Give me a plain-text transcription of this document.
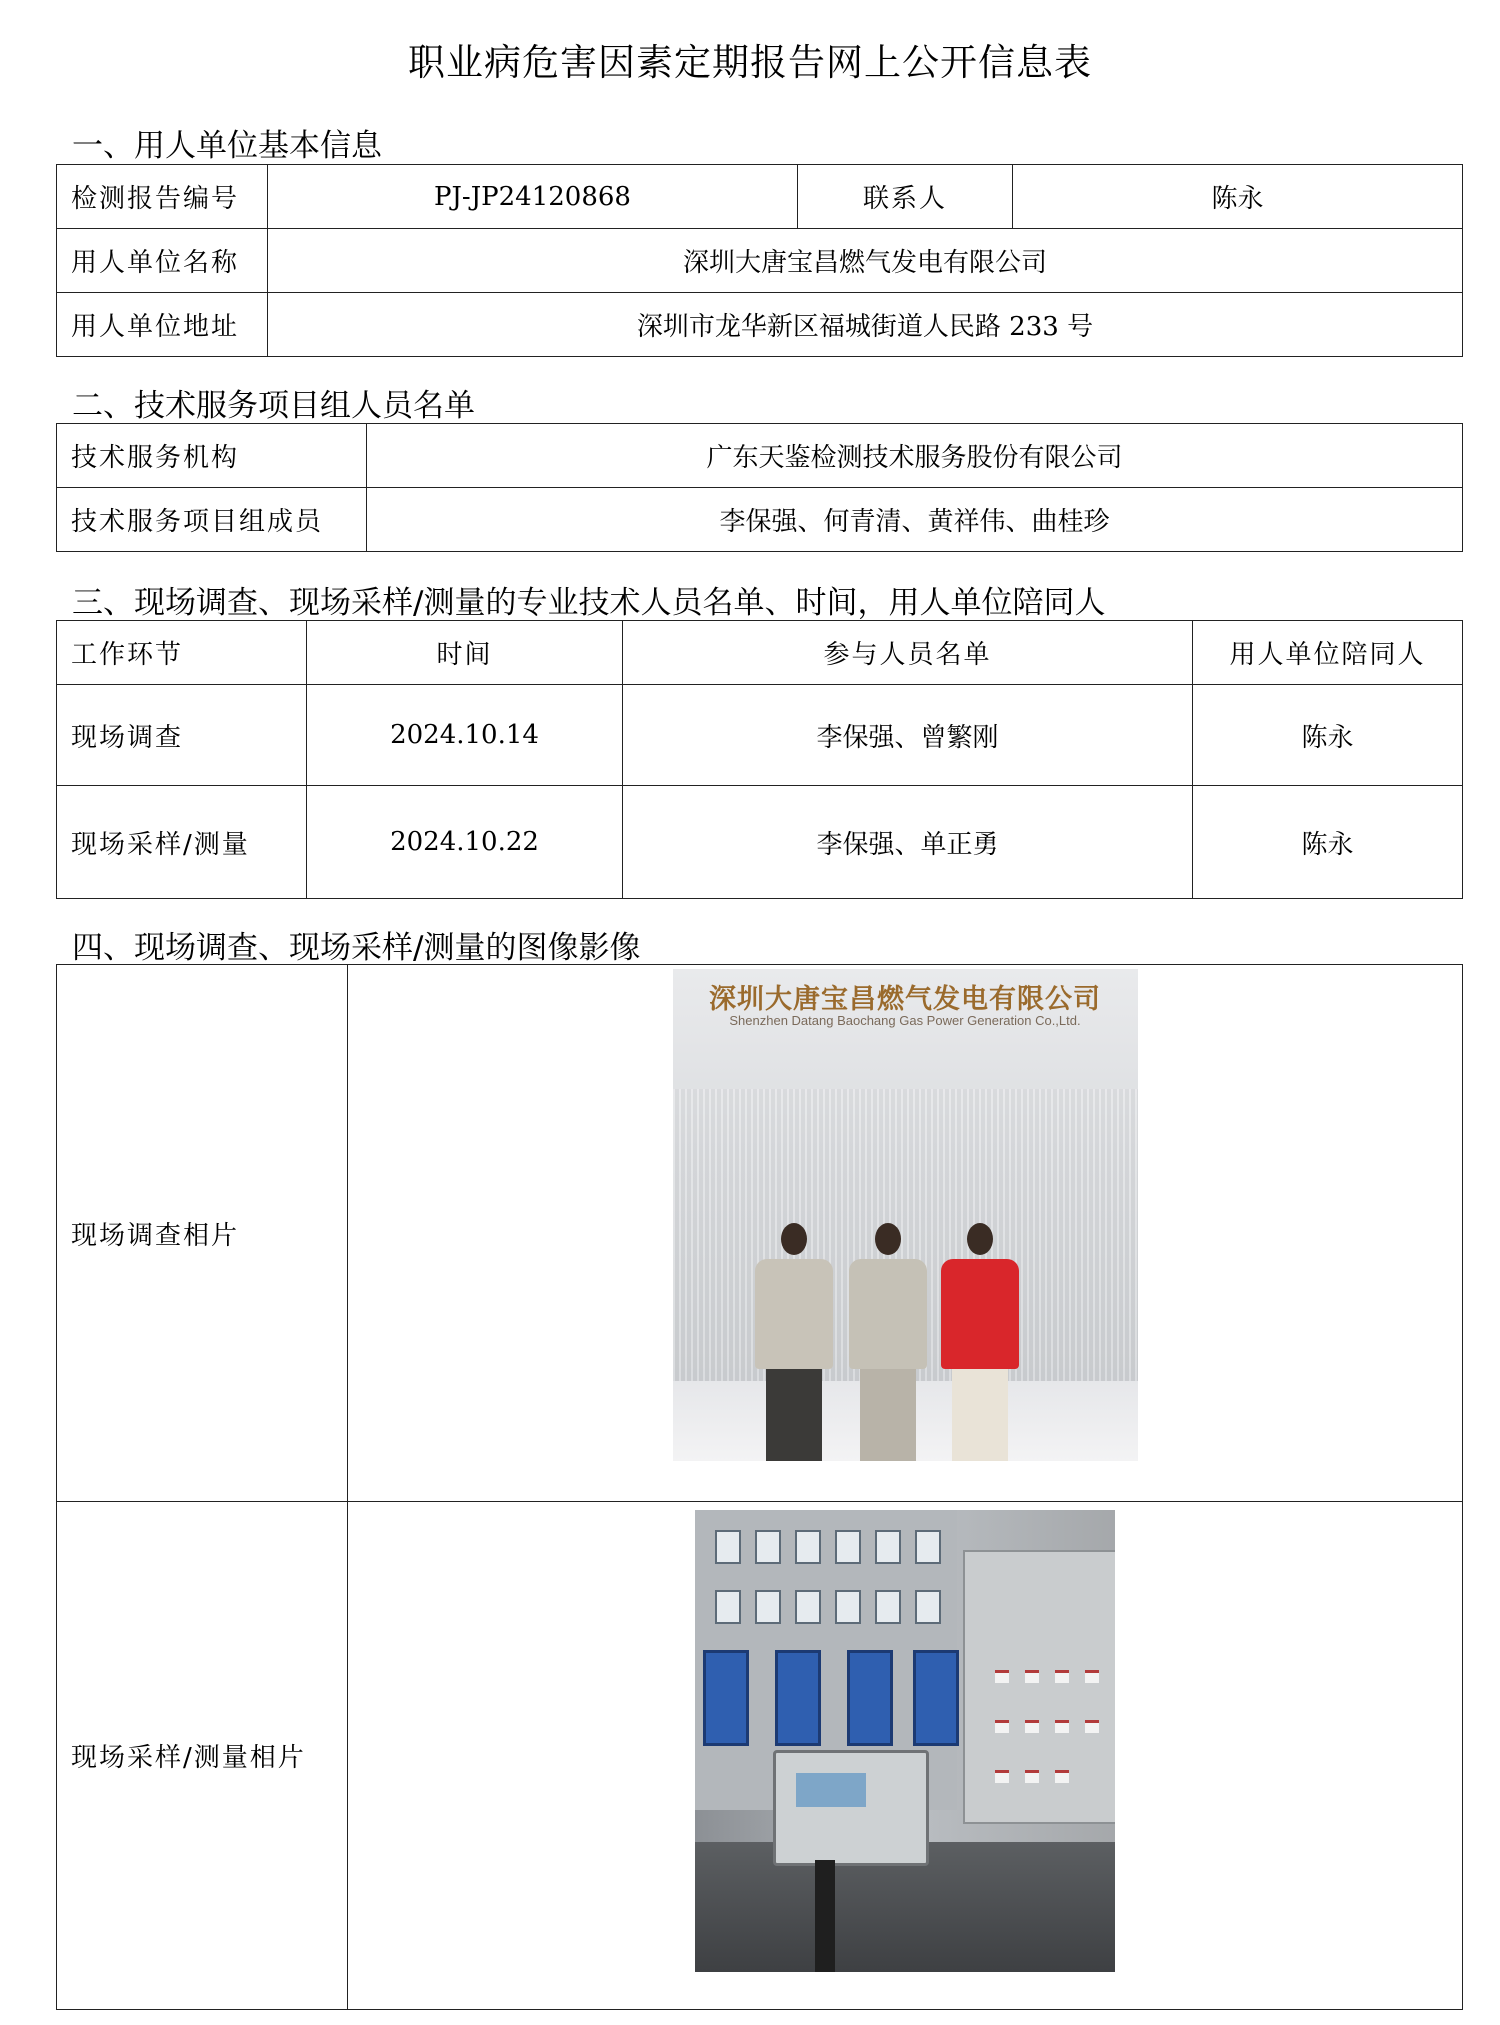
职业病危害因素定期报告网上公开信息表
一、用人单位基本信息
检测报告编号	PJ-JP24120868	联系人	陈永
用人单位名称	深圳大唐宝昌燃气发电有限公司		
用人单位地址	深圳市龙华新区福城街道人民路 233 号		
二、技术服务项目组人员名单
技术服务机构	广东天鉴检测技术服务股份有限公司
技术服务项目组成员	李保强、何青清、黄祥伟、曲桂珍
三、现场调查、现场采样/测量的专业技术人员名单、时间，用人单位陪同人
工作环节	时间	参与人员名单	用人单位陪同人
现场调查	2024.10.14	李保强、曾繁刚	陈永
现场采样/测量	2024.10.22	李保强、单正勇	陈永
四、现场调查、现场采样/测量的图像影像
现场调查相片	深圳大唐宝昌燃气发电有限公司
Shenzhen Datang Baochang Gas Power Generation Co.,Ltd.

现场采样/测量相片	
